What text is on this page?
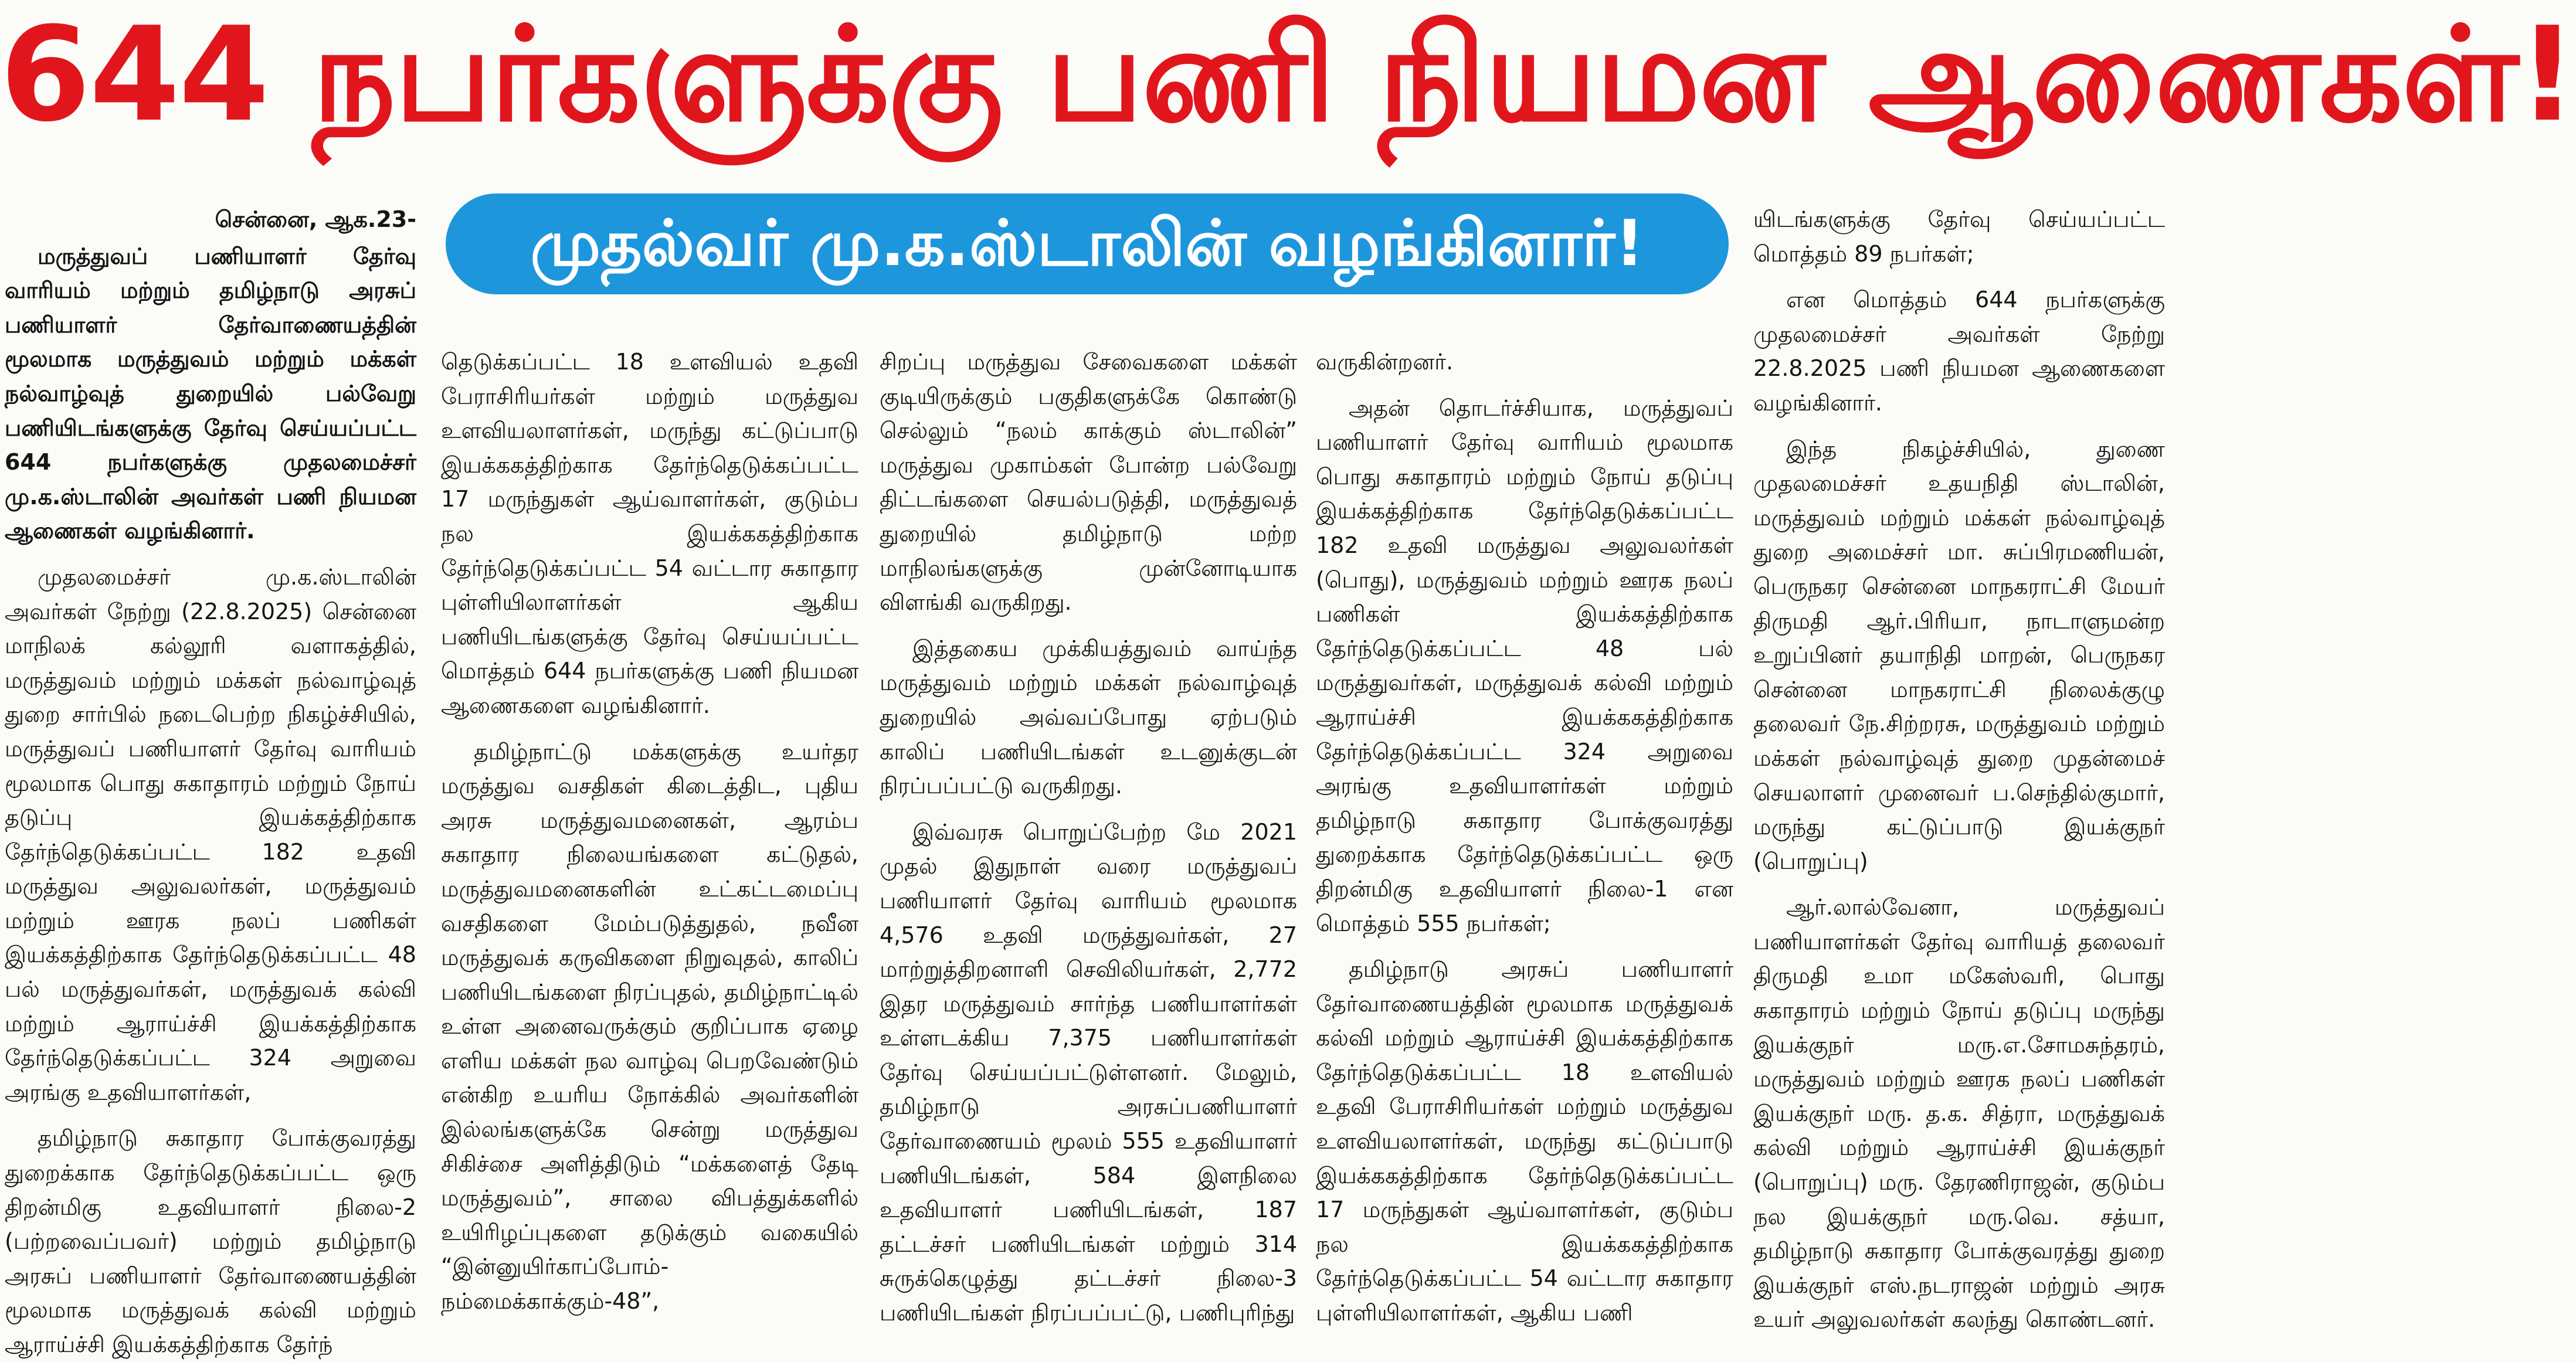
644 நபர்களுக்கு பணி நியமன ஆணைகள்!
முதல்வர் மு.க.ஸ்டாலின் வழங்கினார்!
சென்னை, ஆக.23-

மருத்துவப் பணியாளர் தேர்வு வாரியம் மற்றும் தமிழ்நாடு அரசுப் பணியாளர் தேர்வாணையத்தின் மூலமாக மருத்துவம் மற்றும் மக்கள் நல்வாழ்வுத் துறையில் பல்வேறு பணியிடங்களுக்கு தேர்வு செய்யப்பட்ட 644 நபர்களுக்கு முதலமைச்சர் மு.க.ஸ்டாலின் அவர்கள் பணி நியமன ஆணைகள் வழங்கினார்.

முதலமைச்சர் மு.க.ஸ்டாலின் அவர்கள் நேற்று (22.8.2025) சென்னை மாநிலக் கல்லூரி வளாகத்தில், மருத்துவம் மற்றும் மக்கள் நல்வாழ்வுத் துறை சார்பில் நடைபெற்ற நிகழ்ச்சியில், மருத்துவப் பணியாளர் தேர்வு வாரியம் மூலமாக பொது சுகாதாரம் மற்றும் நோய் தடுப்பு இயக்கத்திற்காக தேர்ந்தெடுக்கப்பட்ட 182 உதவி மருத்துவ அலுவலர்கள், மருத்துவம் மற்றும் ஊரக நலப் பணிகள் இயக்கத்திற்காக தேர்ந்தெடுக்கப்பட்ட 48 பல் மருத்துவர்கள், மருத்துவக் கல்வி மற்றும் ஆராய்ச்சி இயக்கத்திற்காக தேர்ந்தெடுக்கப்பட்ட 324 அறுவை அரங்கு உதவியாளர்கள்,

தமிழ்நாடு சுகாதார போக்குவரத்து துறைக்காக தேர்ந்தெடுக்கப்பட்ட ஒரு திறன்மிகு உதவியாளர் நிலை-2 (பற்றவைப்பவர்) மற்றும் தமிழ்நாடு அரசுப் பணியாளர் தேர்வாணையத்தின் மூலமாக மருத்துவக் கல்வி மற்றும் ஆராய்ச்சி இயக்கத்திற்காக தேர்ந்

தெடுக்கப்பட்ட 18 உளவியல் உதவி பேராசிரியர்கள் மற்றும் மருத்துவ உளவியலாளர்கள், மருந்து கட்டுப்பாடு இயக்ககத்திற்காக தேர்ந்தெடுக்கப்பட்ட 17 மருந்துகள் ஆய்வாளர்கள், குடும்ப நல இயக்ககத்திற்காக தேர்ந்தெடுக்கப்பட்ட 54 வட்டார சுகாதார புள்ளியிலாளர்கள் ஆகிய பணியிடங்களுக்கு தேர்வு செய்யப்பட்ட மொத்தம் 644 நபர்களுக்கு பணி நியமன ஆணைகளை வழங்கினார்.

தமிழ்நாட்டு மக்களுக்கு உயர்தர மருத்துவ வசதிகள் கிடைத்திட, புதிய அரசு மருத்துவமனைகள், ஆரம்ப சுகாதார நிலையங்களை கட்டுதல், மருத்துவமனைகளின் உட்கட்டமைப்பு வசதிகளை மேம்படுத்துதல், நவீன மருத்துவக் கருவிகளை நிறுவுதல், காலிப் பணியிடங்களை நிரப்புதல், தமிழ்நாட்டில் உள்ள அனைவருக்கும் குறிப்பாக ஏழை எளிய மக்கள் நல வாழ்வு பெறவேண்டும் என்கிற உயரிய நோக்கில் அவர்களின் இல்லங்களுக்கே சென்று மருத்துவ சிகிச்சை அளித்திடும் “மக்களைத் தேடி மருத்துவம்”, சாலை விபத்துக்களில் உயிரிழப்புகளை தடுக்கும் வகையில் “இன்னுயிர்காப்போம்-நம்மைக்காக்கும்-48”,

சிறப்பு மருத்துவ சேவைகளை மக்கள் குடியிருக்கும் பகுதிகளுக்கே கொண்டு செல்லும் “நலம் காக்கும் ஸ்டாலின்” மருத்துவ முகாம்கள் போன்ற பல்வேறு திட்டங்களை செயல்படுத்தி, மருத்துவத் துறையில் தமிழ்நாடு மற்ற மாநிலங்களுக்கு முன்னோடியாக விளங்கி வருகிறது.

இத்தகைய முக்கியத்துவம் வாய்ந்த மருத்துவம் மற்றும் மக்கள் நல்வாழ்வுத் துறையில் அவ்வப்போது ஏற்படும் காலிப் பணியிடங்கள் உடனுக்குடன் நிரப்பப்பட்டு வருகிறது.

இவ்வரசு பொறுப்பேற்ற மே 2021 முதல் இதுநாள் வரை மருத்துவப் பணியாளர் தேர்வு வாரியம் மூலமாக 4,576 உதவி மருத்துவர்கள், 27 மாற்றுத்திறனாளி செவிலியர்கள், 2,772 இதர மருத்துவம் சார்ந்த பணியாளர்கள் உள்ளடக்கிய 7,375 பணியாளர்கள் தேர்வு செய்யப்பட்டுள்ளனர். மேலும், தமிழ்நாடு அரசுப்பணியாளர் தேர்வாணையம் மூலம் 555 உதவியாளர் பணியிடங்கள், 584 இளநிலை உதவியாளர் பணியிடங்கள், 187 தட்டச்சர் பணியிடங்கள் மற்றும் 314 சுருக்கெழுத்து தட்டச்சர் நிலை-3 பணியிடங்கள் நிரப்பப்பட்டு, பணிபுரிந்து

வருகின்றனர்.

அதன் தொடர்ச்சியாக, மருத்துவப் பணியாளர் தேர்வு வாரியம் மூலமாக பொது சுகாதாரம் மற்றும் நோய் தடுப்பு இயக்கத்திற்காக தேர்ந்தெடுக்கப்பட்ட 182 உதவி மருத்துவ அலுவலர்கள் (பொது), மருத்துவம் மற்றும் ஊரக நலப் பணிகள் இயக்கத்திற்காக தேர்ந்தெடுக்கப்பட்ட 48 பல் மருத்துவர்கள், மருத்துவக் கல்வி மற்றும் ஆராய்ச்சி இயக்ககத்திற்காக தேர்ந்தெடுக்கப்பட்ட 324 அறுவை அரங்கு உதவியாளர்கள் மற்றும் தமிழ்நாடு சுகாதார போக்குவரத்து துறைக்காக தேர்ந்தெடுக்கப்பட்ட ஒரு திறன்மிகு உதவியாளர் நிலை-1 என மொத்தம் 555 நபர்கள்;

தமிழ்நாடு அரசுப் பணியாளர் தேர்வாணையத்தின் மூலமாக மருத்துவக் கல்வி மற்றும் ஆராய்ச்சி இயக்கத்திற்காக தேர்ந்தெடுக்கப்பட்ட 18 உளவியல் உதவி பேராசிரியர்கள் மற்றும் மருத்துவ உளவியலாளர்கள், மருந்து கட்டுப்பாடு இயக்ககத்திற்காக தேர்ந்தெடுக்கப்பட்ட 17 மருந்துகள் ஆய்வாளர்கள், குடும்ப நல இயக்ககத்திற்காக தேர்ந்தெடுக்கப்பட்ட 54 வட்டார சுகாதார புள்ளியிலாளர்கள், ஆகிய பணி

யிடங்களுக்கு தேர்வு செய்யப்பட்ட மொத்தம் 89 நபர்கள்;

என மொத்தம் 644 நபர்களுக்கு முதலமைச்சர் அவர்கள் நேற்று 22.8.2025 பணி நியமன ஆணைகளை வழங்கினார்.

இந்த நிகழ்ச்சியில், துணை முதலமைச்சர் உதயநிதி ஸ்டாலின், மருத்துவம் மற்றும் மக்கள் நல்வாழ்வுத் துறை அமைச்சர் மா. சுப்பிரமணியன், பெருநகர சென்னை மாநகராட்சி மேயர் திருமதி ஆர்.பிரியா, நாடாளுமன்ற உறுப்பினர் தயாநிதி மாறன், பெருநகர சென்னை மாநகராட்சி நிலைக்குழு தலைவர் நே.சிற்றரசு, மருத்துவம் மற்றும் மக்கள் நல்வாழ்வுத் துறை முதன்மைச் செயலாளர் முனைவர் ப.செந்தில்குமார், மருந்து கட்டுப்பாடு இயக்குநர் (பொறுப்பு)

ஆர்.லால்வேனா, மருத்துவப் பணியாளர்கள் தேர்வு வாரியத் தலைவர் திருமதி உமா மகேஸ்வரி, பொது சுகாதாரம் மற்றும் நோய் தடுப்பு மருந்து இயக்குநர் மரு.எ.சோமசுந்தரம், மருத்துவம் மற்றும் ஊரக நலப் பணிகள் இயக்குநர் மரு. த.க. சித்ரா, மருத்துவக் கல்வி மற்றும் ஆராய்ச்சி இயக்குநர் (பொறுப்பு) மரு. தேரணிராஜன், குடும்ப நல இயக்குநர் மரு.வெ. சத்யா, தமிழ்நாடு சுகாதார போக்குவரத்து துறை இயக்குநர் எஸ்.நடராஜன் மற்றும் அரசு உயர் அலுவலர்கள் கலந்து கொண்டனர்.
